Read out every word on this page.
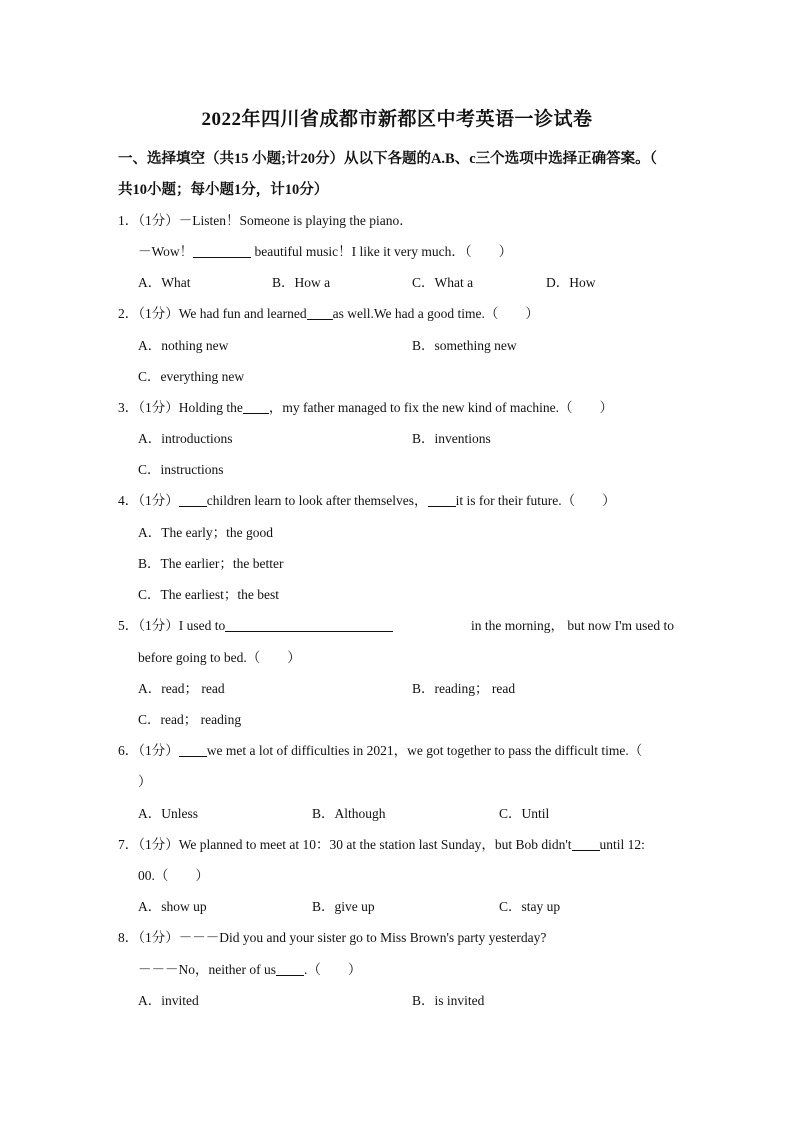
2022年四川省成都市新都区中考英语一诊试卷
一、选择填空（共15 小题;计20分）从以下各题的A.B、c三个选项中选择正确答案。（
共10小题；每小题1分，计10分）
1．（1分）－Listen！Someone is playing the piano．
－Wow！	beautiful music！I like it very much．（　　）
A．What	B．How a	C．What a	D．How
2．（1分）We had fun and learned as well.We had a good time.（　　）
A．nothing new	B．something new
C．everything new
3．（1分）Holding the ，my father managed to fix the new kind of machine.（　　）
A．introductions	B．inventions
C．instructions
4．（1分） children learn to look after themselves， it is for their future.（　　）
A．The early；the good
B．The earlier；the better
C．The earliest；the best
5．（1分）I used to	in the morning， but now I'm used to
before going to bed.（　　）
A．read； read	B．reading； read
C．read； reading
6．（1分） we met a lot of difficulties in 2021，we got together to pass the difficult time.（
）
A．Unless	B．Although	C．Until
7．（1分）We planned to meet at 10：30 at the station last Sunday，but Bob didn't until 12:
00.（　　）
A．show up	B．give up	C．stay up
8．（1分）－－－Did you and your sister go to Miss Brown's party yesterday?
－－－No，neither of us .（　　）
A．invited	B．is invited
